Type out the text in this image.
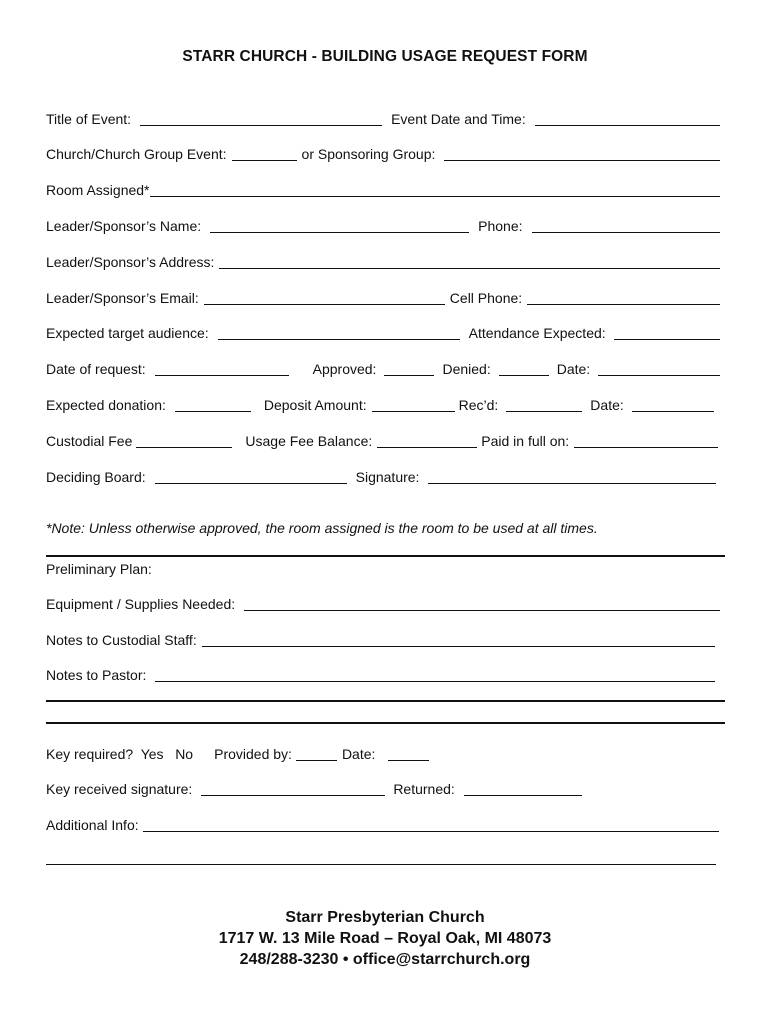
STARR CHURCH - BUILDING USAGE REQUEST FORM
Title of Event:	Event Date and Time:
Church/Church Group Event:	or Sponsoring Group:
Room Assigned*
Leader/Sponsor’s Name:	Phone:
Leader/Sponsor’s Address:
Leader/Sponsor’s Email:	Cell Phone:
Expected target audience:	Attendance Expected:
Date of request:	Approved:	Denied:	Date:
Expected donation:	Deposit Amount:	Rec’d:	Date:
Custodial Fee	Usage Fee Balance:	Paid in full on:
Deciding Board:	Signature:
*Note: Unless otherwise approved, the room assigned is the room to be used at all times.
Preliminary Plan:
Equipment / Supplies Needed:
Notes to Custodial Staff:
Notes to Pastor:
Key required?  Yes   No Provided by:	Date:
Key received signature:	Returned:
Additional Info:
Starr Presbyterian Church
1717 W. 13 Mile Road – Royal Oak, MI 48073
248/288-3230 • office@starrchurch.org
